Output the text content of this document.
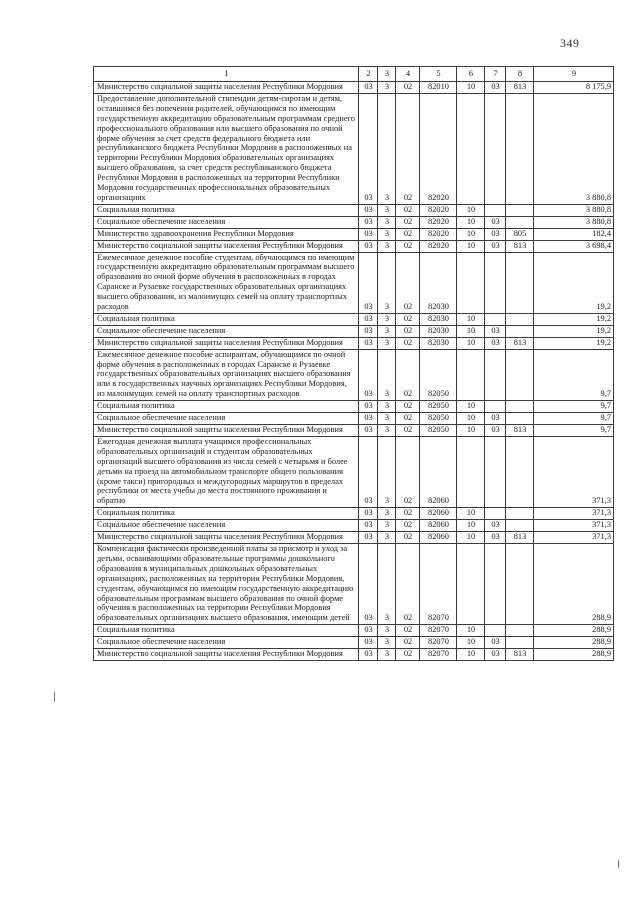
349
1	2	3	4	5	6	7	8	9
Министерство социальной защиты населения Республики Мордовия	03	3	02	82010	10	03	813	8 175,9
Предоставление дополнительной стипендии детям-сиротам и детям, оставшимся без попечения родителей, обучающимся по имеющим государственную аккредитацию образовательным программам среднего профессионального образования или высшего образования по очной форме обучения за счет средств федерального бюджета или республиканского бюджета Республики Мордовия в расположенных на территории Республики Мордовия образовательных организациях высшего образования, за счет средств республиканского бюджета Республики Мордовия в расположенных на территории Республики Мордовия государственных профессиональных образовательных организациях	03	3	02	82020				3 880,8
Социальная политика	03	3	02	82020	10			3 880,8
Социальное обеспечение населения	03	3	02	82020	10	03		3 880,8
Министерство здравоохранения Республики Мордовия	03	3	02	82020	10	03	805	182,4
Министерство социальной защиты населения Республики Мордовия	03	3	02	82020	10	03	813	3 698,4
Ежемесячное денежное пособие студентам, обучающимся по имеющим государственную аккредитацию образовательным программам высшего образования по очной форме обучения в расположенных в городах Саранске и Рузаевке государственных образовательных организациях высшего образования, из малоимущих семей на оплату транспортных расходов	03	3	02	82030				19,2
Социальная политика	03	3	02	82030	10			19,2
Социальное обеспечение населения	03	3	02	82030	10	03		19,2
Министерство социальной защиты населения Республики Мордовия	03	3	02	82030	10	03	813	19,2
Ежемесячное денежное пособие аспирантам, обучающимся по очной форме обучения в расположенных в городах Саранске и Рузаевке государственных образовательных организациях высшего образования или в государственных научных организациях Республики Мордовия, из малоимущих семей на оплату транспортных расходов	03	3	02	82050				9,7
Социальная политика	03	3	02	82050	10			9,7
Социальное обеспечение населения	03	3	02	82050	10	03		9,7
Министерство социальной защиты населения Республики Мордовия	03	3	02	82050	10	03	813	9,7
Ежегодная денежная выплата учащимся профессиональных образовательных организаций и студентам образовательных организаций высшего образования из числа семей с четырьмя и более детьми на проезд на автомобильном транспорте общего пользования (кроме такси) пригородных и междугородных маршрутов в пределах республики от места учебы до места постоянного проживания и обратно	03	3	02	82060				371,3
Социальная политика	03	3	02	82060	10			371,3
Социальное обеспечение населения	03	3	02	82060	10	03		371,3
Министерство социальной защиты населения Республики Мордовия	03	3	02	82060	10	03	813	371,3
Компенсация фактически произведенной платы за присмотр и уход за детьми, осваивающими образовательные программы дошкольного образования в муниципальных дошкольных образовательных организациях, расположенных на территории Республики Мордовия, студентам, обучающимся по имеющим государственную аккредитацию образовательным программам высшего образования по очной форме обучения в расположенных на территории Республики Мордовия образовательных организациях высшего образования, имеющим детей	03	3	02	82070				288,9
Социальная политика	03	3	02	82070	10			288,9
Социальное обеспечение населения	03	3	02	82070	10	03		288,9
Министерство социальной защиты населения Республики Мордовия	03	3	02	82070	10	03	813	288,9
